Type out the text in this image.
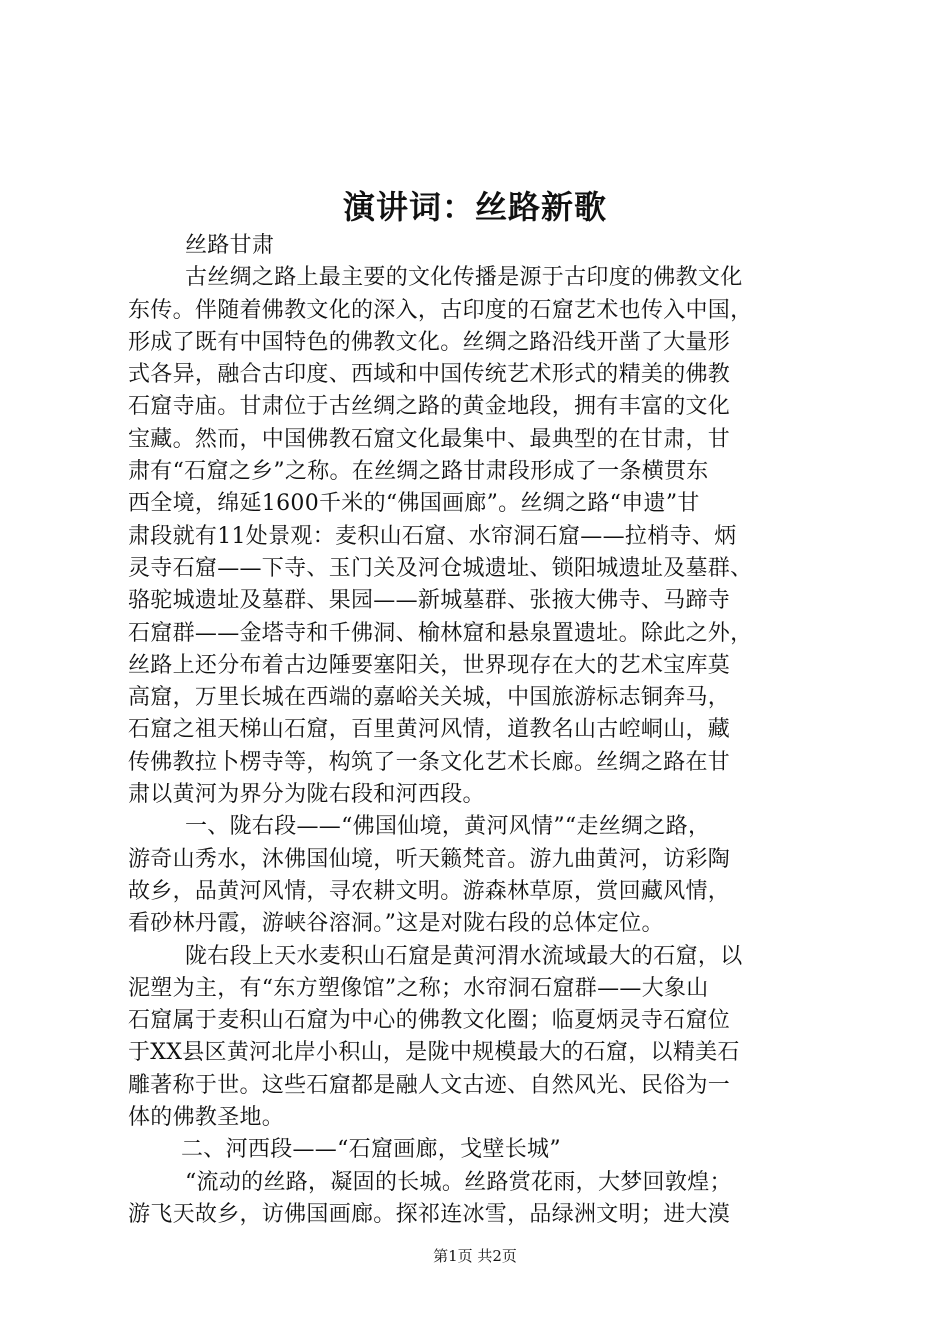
演讲词：丝路新歌
丝路甘肃
古丝绸之路上最主要的文化传播是源于古印度的佛教文化
东传。伴随着佛教文化的深入，古印度的石窟艺术也传入中国，
形成了既有中国特色的佛教文化。丝绸之路沿线开凿了大量形
式各异，融合古印度、西域和中国传统艺术形式的精美的佛教
石窟寺庙。甘肃位于古丝绸之路的黄金地段，拥有丰富的文化
宝藏。然而，中国佛教石窟文化最集中、最典型的在甘肃，甘
肃有“石窟之乡”之称。在丝绸之路甘肃段形成了一条横贯东
西全境，绵延1600千米的“佛国画廊”。丝绸之路“申遗”甘
肃段就有11处景观：麦积山石窟、水帘洞石窟——拉梢寺、炳
灵寺石窟——下寺、玉门关及河仓城遗址、锁阳城遗址及墓群、
骆驼城遗址及墓群、果园——新城墓群、张掖大佛寺、马蹄寺
石窟群——金塔寺和千佛洞、榆林窟和悬泉置遗址。除此之外，
丝路上还分布着古边陲要塞阳关，世界现存在大的艺术宝库莫
高窟，万里长城在西端的嘉峪关关城，中国旅游标志铜奔马，
石窟之祖天梯山石窟，百里黄河风情，道教名山古崆峒山，藏
传佛教拉卜楞寺等，构筑了一条文化艺术长廊。丝绸之路在甘
肃以黄河为界分为陇右段和河西段。
一、陇右段——“佛国仙境，黄河风情”“走丝绸之路，
游奇山秀水，沐佛国仙境，听天籁梵音。游九曲黄河，访彩陶
故乡，品黄河风情，寻农耕文明。游森林草原，赏回藏风情，
看砂林丹霞，游峡谷溶洞。”这是对陇右段的总体定位。
陇右段上天水麦积山石窟是黄河渭水流域最大的石窟，以
泥塑为主，有“东方塑像馆”之称；水帘洞石窟群——大象山
石窟属于麦积山石窟为中心的佛教文化圈；临夏炳灵寺石窟位
于XX县区黄河北岸小积山，是陇中规模最大的石窟，以精美石
雕著称于世。这些石窟都是融人文古迹、自然风光、民俗为一
体的佛教圣地。
二、河西段——“石窟画廊，戈壁长城”
“流动的丝路，凝固的长城。丝路赏花雨，大梦回敦煌；
游飞天故乡，访佛国画廊。探祁连冰雪，品绿洲文明；进大漠
第1页 共2页
